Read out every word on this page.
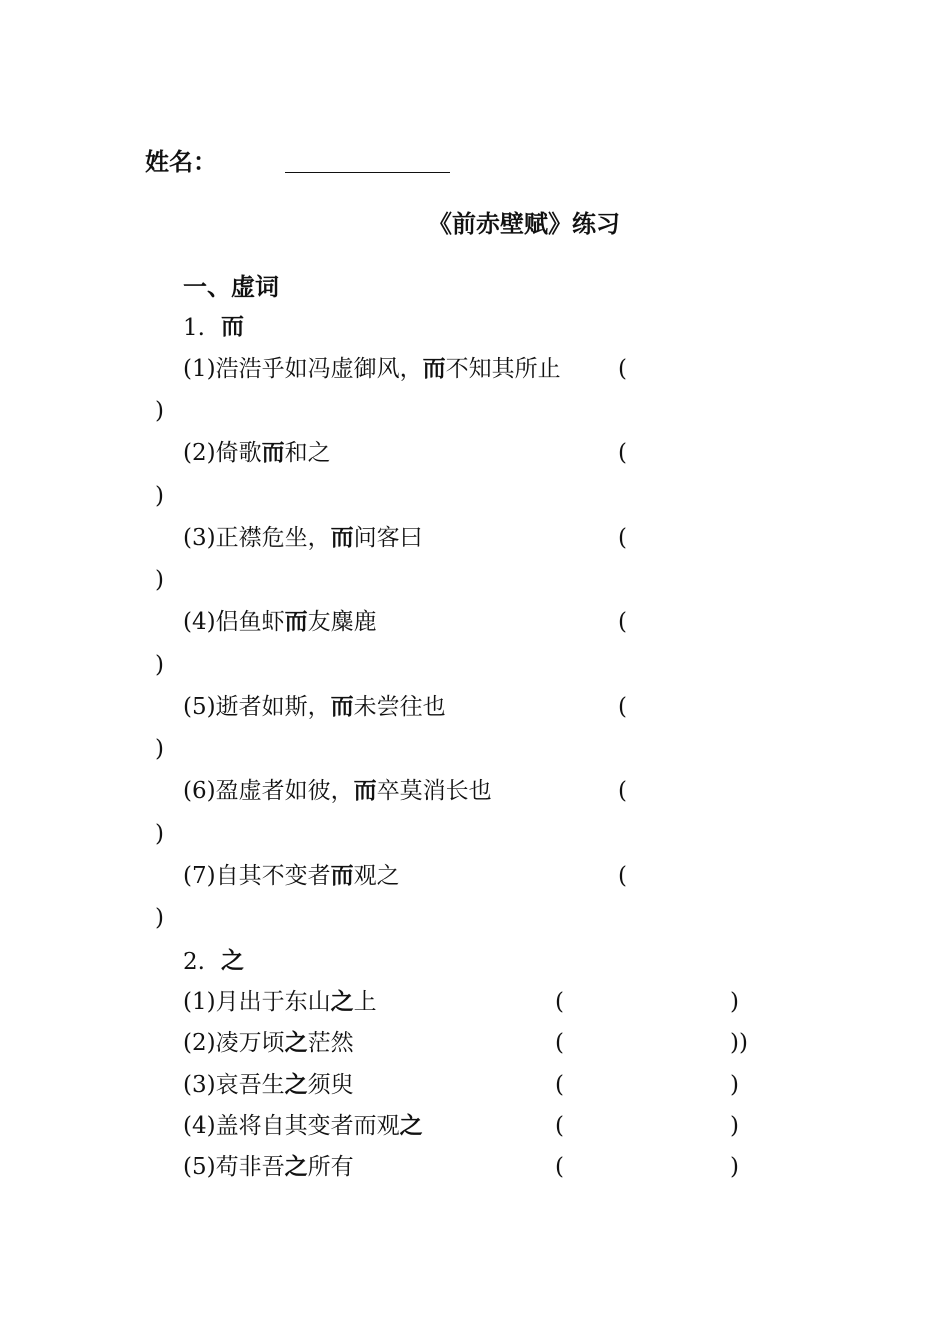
姓名：
《前赤壁赋》练习
一、虚词
1. 而
(1)浩浩乎如冯虚御风，而不知其所止 (
)
(2)倚歌而和之	(
)
(3)正襟危坐，而问客曰	(
)
(4)侣鱼虾而友麋鹿	(
)
(5)逝者如斯，而未尝往也	(
)
(6)盈虚者如彼，而卒莫消长也	(
)
(7)自其不变者而观之	(
)
2. 之
(1)月出于东山之上	(	)
(2)凌万顷之茫然	(	))
(3)哀吾生之须臾	(	)
(4)盖将自其变者而观之	(	)
(5)苟非吾之所有	(	)
